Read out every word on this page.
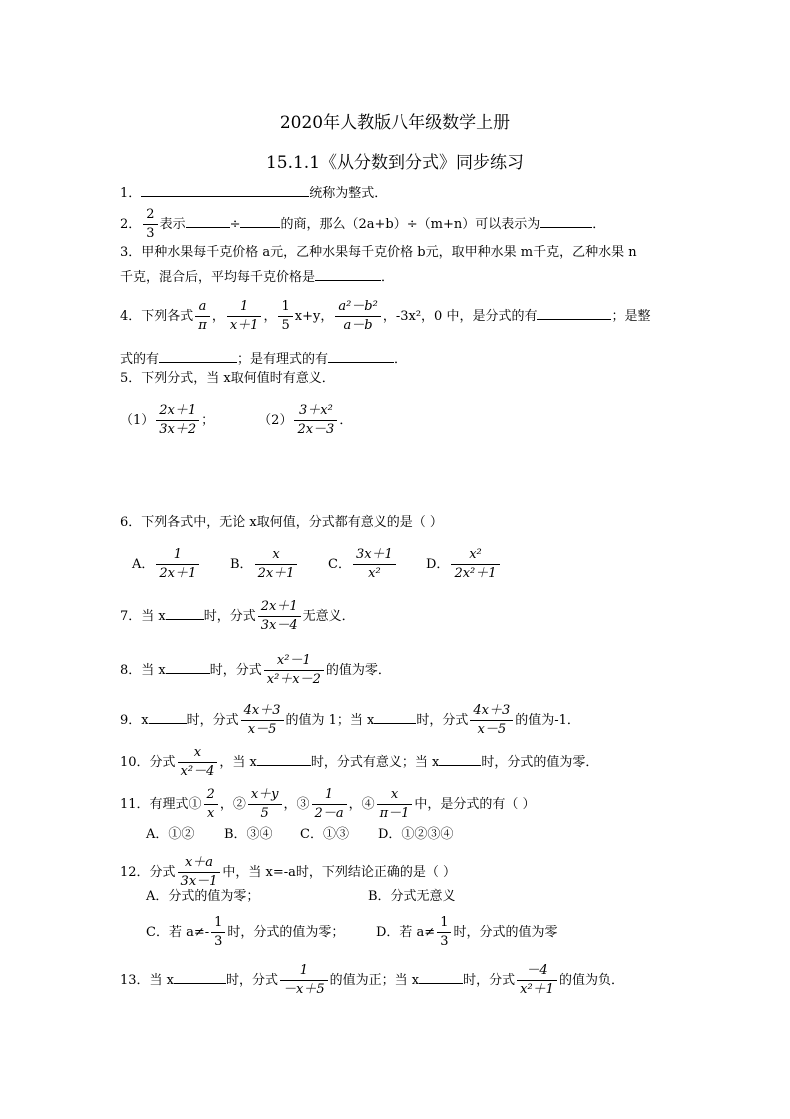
2020年人教版八年级数学上册
15.1.1《从分数到分式》同步练习
1．	统称为整式．
2． $\frac{2}{3}$ 表示	÷	的商，那么（2a+b）÷（m+n）可以表示为	．
3．甲种水果每千克价格 a元，乙种水果每千克价格 b元，取甲种水果 m千克，乙种水果 n
千克，混合后，平均每千克价格是	．
4．下列各式 $\frac{a}{\pi}$ ， $\frac{1}{x+1}$ ， $\frac{1}{5} x+y$， $\frac{\text{a²－b²}}{a-b}$ ，-3x²，0 中，是分式的有	；是整
式的有	；是有理式的有	．
5．下列分式，当 x取何值时有意义．
$(1) \frac{2x+1}{3x+2}$ ；	$(2) \frac{\text{3＋x²}}{2x-3}$ ．
6．下列各式中，无论 x取何值，分式都有意义的是（ ）
A． $\frac{1}{2x+1}$ B． $\frac{x}{2x+1}$ C． $\frac{3x+1}{\text{x²}}$ D． $\frac{\text{x²}}{\text{2x²＋1}}$
7．当 x	时，分式 $\frac{2x+1}{3x-4}$ 无意义．
8．当 x	时，分式 $\frac{\text{x²－1}}{\text{x²＋x－2}}$ 的值为零．
9．x	时，分式 $\frac{4x+3}{x-5}$ 的值为 1；当 x	时，分式 $\frac{4x+3}{x-5}$ 的值为-1．
10．分式 $\frac{x}{\text{x²－4}}$ ，当 x	时，分式有意义；当 x	时，分式的值为零．
11．有理式① $\frac{2}{x}$ ，② $\frac{x+y}{5}$ ，③ $\frac{1}{2-a}$ ，④ $\frac{x}{\pi-1}$ 中，是分式的有（ ）
A．①② B．③④ C．①③ D．①②③④
12．分式 $\frac{x+a}{3x-1}$ 中，当 x=-a时，下列结论正确的是（ ）
A．分式的值为零；	B．分式无意义
C．若 $a\ne- \frac{1}{3}$ 时，分式的值为零； D．若 $a\ne \frac{1}{3}$ 时，分式的值为零
13．当 x	时，分式 $\frac{1}{-x+5}$ 的值为正；当 x	时，分式 $\frac{-4}{\text{x²＋1}}$ 的值为负．
